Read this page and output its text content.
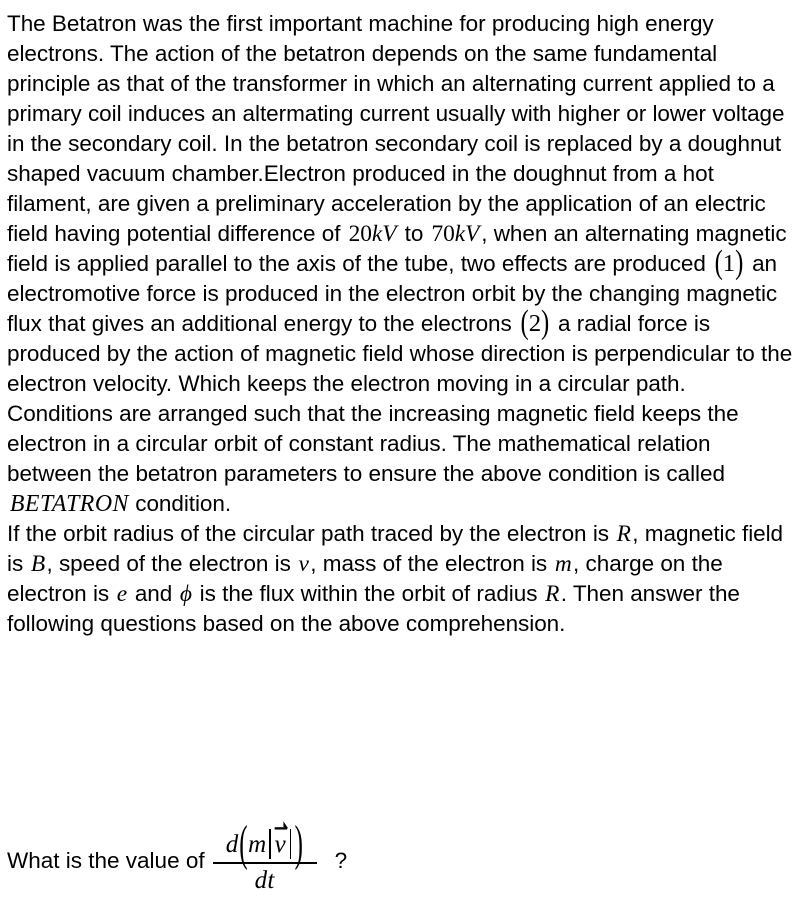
The Betatron was the first important machine for producing high energy electrons. The action of the betatron depends on the same fundamental principle as that of the transformer in which an alternating current applied to a primary coil induces an altermating current usually with higher or lower voltage in the secondary coil. In the betatron secondary coil is replaced by a doughnut shaped vacuum chamber.Electron produced in the doughnut from a hot filament, are given a preliminary acceleration by the application of an electric field having potential difference of 20kV to 70kV, when an alternating magnetic field is applied parallel to the axis of the tube, two effects are produced (1) an electromotive force is produced in the electron orbit by the changing magnetic flux that gives an additional energy to the electrons (2) a radial force is produced by the action of magnetic field whose direction is perpendicular to the electron velocity. Which keeps the electron moving in a circular path. Conditions are arranged such that the increasing magnetic field keeps the electron in a circular orbit of constant radius. The mathematical relation between the betatron parameters to ensure the above condition is called BETATRON condition.
If the orbit radius of the circular path traced by the electron is R, magnetic field is B, speed of the electron is v, mass of the electron is m, charge on the electron is e and ϕ is the flux within the orbit of radius R. Then answer the following questions based on the above comprehension.
What is the value of $\frac{\text{d ( m v )}}{dt}$ ?
